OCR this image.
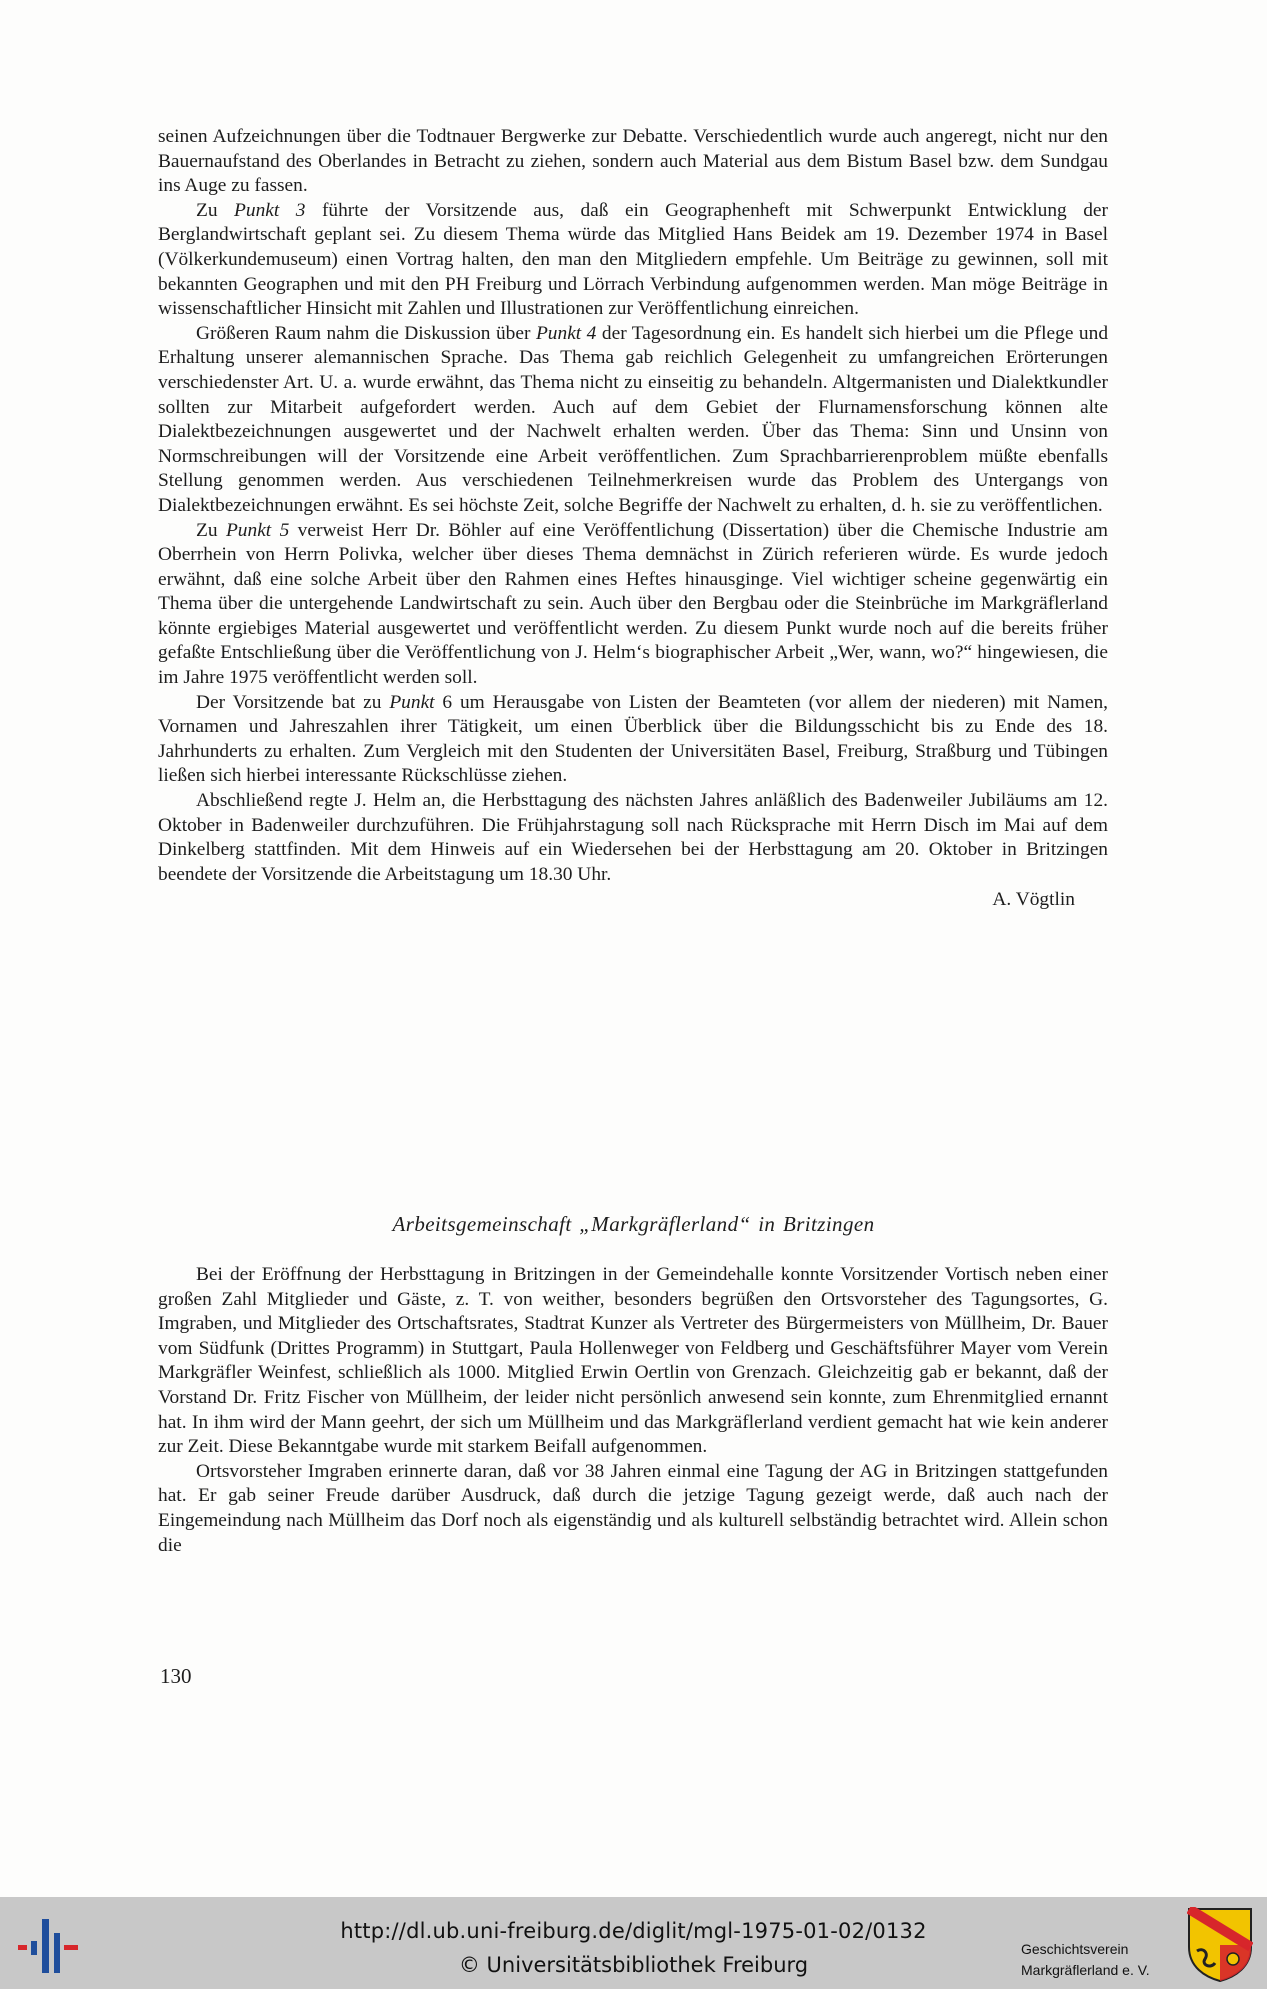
seinen Aufzeichnungen über die Todtnauer Bergwerke zur Debatte. Verschiedentlich wurde auch angeregt, nicht nur den Bauernaufstand des Oberlandes in Betracht zu ziehen, sondern auch Material aus dem Bistum Basel bzw. dem Sundgau ins Auge zu fassen.

Zu Punkt 3 führte der Vorsitzende aus, daß ein Geographenheft mit Schwerpunkt Entwicklung der Berglandwirtschaft geplant sei. Zu diesem Thema würde das Mitglied Hans Beidek am 19. Dezember 1974 in Basel (Völkerkundemuseum) einen Vortrag halten, den man den Mitgliedern empfehle. Um Beiträge zu gewinnen, soll mit bekannten Geographen und mit den PH Freiburg und Lörrach Verbindung aufgenommen werden. Man möge Beiträge in wissenschaftlicher Hinsicht mit Zahlen und Illustrationen zur Veröffentlichung einreichen.

Größeren Raum nahm die Diskussion über Punkt 4 der Tagesordnung ein. Es handelt sich hierbei um die Pflege und Erhaltung unserer alemannischen Sprache. Das Thema gab reichlich Gelegenheit zu umfangreichen Erörterungen verschiedenster Art. U. a. wurde erwähnt, das Thema nicht zu einseitig zu behandeln. Altgermanisten und Dialektkundler sollten zur Mitarbeit aufgefordert werden. Auch auf dem Gebiet der Flurnamensforschung können alte Dialektbezeichnungen ausgewertet und der Nachwelt erhalten werden. Über das Thema: Sinn und Unsinn von Normschreibungen will der Vorsitzende eine Arbeit veröffentlichen. Zum Sprachbarrierenproblem müßte ebenfalls Stellung genommen werden. Aus verschiedenen Teilnehmerkreisen wurde das Problem des Untergangs von Dialektbezeichnungen erwähnt. Es sei höchste Zeit, solche Begriffe der Nachwelt zu erhalten, d. h. sie zu veröffentlichen.

Zu Punkt 5 verweist Herr Dr. Böhler auf eine Veröffentlichung (Dissertation) über die Chemische Industrie am Oberrhein von Herrn Polivka, welcher über dieses Thema demnächst in Zürich referieren würde. Es wurde jedoch erwähnt, daß eine solche Arbeit über den Rahmen eines Heftes hinausginge. Viel wichtiger scheine gegenwärtig ein Thema über die untergehende Landwirtschaft zu sein. Auch über den Bergbau oder die Steinbrüche im Markgräflerland könnte ergiebiges Material ausgewertet und veröffentlicht werden. Zu diesem Punkt wurde noch auf die bereits früher gefaßte Entschließung über die Veröffentlichung von J. Helm‘s biographischer Arbeit „Wer, wann, wo?“ hingewiesen, die im Jahre 1975 veröffentlicht werden soll.

Der Vorsitzende bat zu Punkt 6 um Herausgabe von Listen der Beamteten (vor allem der niederen) mit Namen, Vornamen und Jahreszahlen ihrer Tätigkeit, um einen Überblick über die Bildungsschicht bis zu Ende des 18. Jahrhunderts zu erhalten. Zum Vergleich mit den Studenten der Universitäten Basel, Freiburg, Straßburg und Tübingen ließen sich hierbei interessante Rückschlüsse ziehen.

Abschließend regte J. Helm an, die Herbsttagung des nächsten Jahres anläßlich des Badenweiler Jubiläums am 12. Oktober in Badenweiler durchzuführen. Die Frühjahrstagung soll nach Rücksprache mit Herrn Disch im Mai auf dem Dinkelberg stattfinden. Mit dem Hinweis auf ein Wiedersehen bei der Herbsttagung am 20. Oktober in Britzingen beendete der Vorsitzende die Arbeitstagung um 18.30 Uhr.

A. Vögtlin
Arbeitsgemeinschaft „Markgräflerland“ in Britzingen

Bei der Eröffnung der Herbsttagung in Britzingen in der Gemeindehalle konnte Vorsitzender Vortisch neben einer großen Zahl Mitglieder und Gäste, z. T. von weither, besonders begrüßen den Ortsvorsteher des Tagungsortes, G. Imgraben, und Mitglieder des Ortschaftsrates, Stadtrat Kunzer als Vertreter des Bürgermeisters von Müllheim, Dr. Bauer vom Südfunk (Drittes Programm) in Stuttgart, Paula Hollenweger von Feldberg und Geschäftsführer Mayer vom Verein Markgräfler Weinfest, schließlich als 1000. Mitglied Erwin Oertlin von Grenzach. Gleichzeitig gab er bekannt, daß der Vorstand Dr. Fritz Fischer von Müllheim, der leider nicht persönlich anwesend sein konnte, zum Ehrenmitglied ernannt hat. In ihm wird der Mann geehrt, der sich um Müllheim und das Markgräflerland verdient gemacht hat wie kein anderer zur Zeit. Diese Bekanntgabe wurde mit starkem Beifall aufgenommen.

Ortsvorsteher Imgraben erinnerte daran, daß vor 38 Jahren einmal eine Tagung der AG in Britzingen stattgefunden hat. Er gab seiner Freude darüber Ausdruck, daß durch die jetzige Tagung gezeigt werde, daß auch nach der Eingemeindung nach Müllheim das Dorf noch als eigenständig und als kulturell selbständig betrachtet wird. Allein schon die

130
http://dl.ub.uni-freiburg.de/diglit/mgl-1975-01-02/0132
© Universitätsbibliothek Freiburg
Geschichtsverein
Markgräflerland e. V.
